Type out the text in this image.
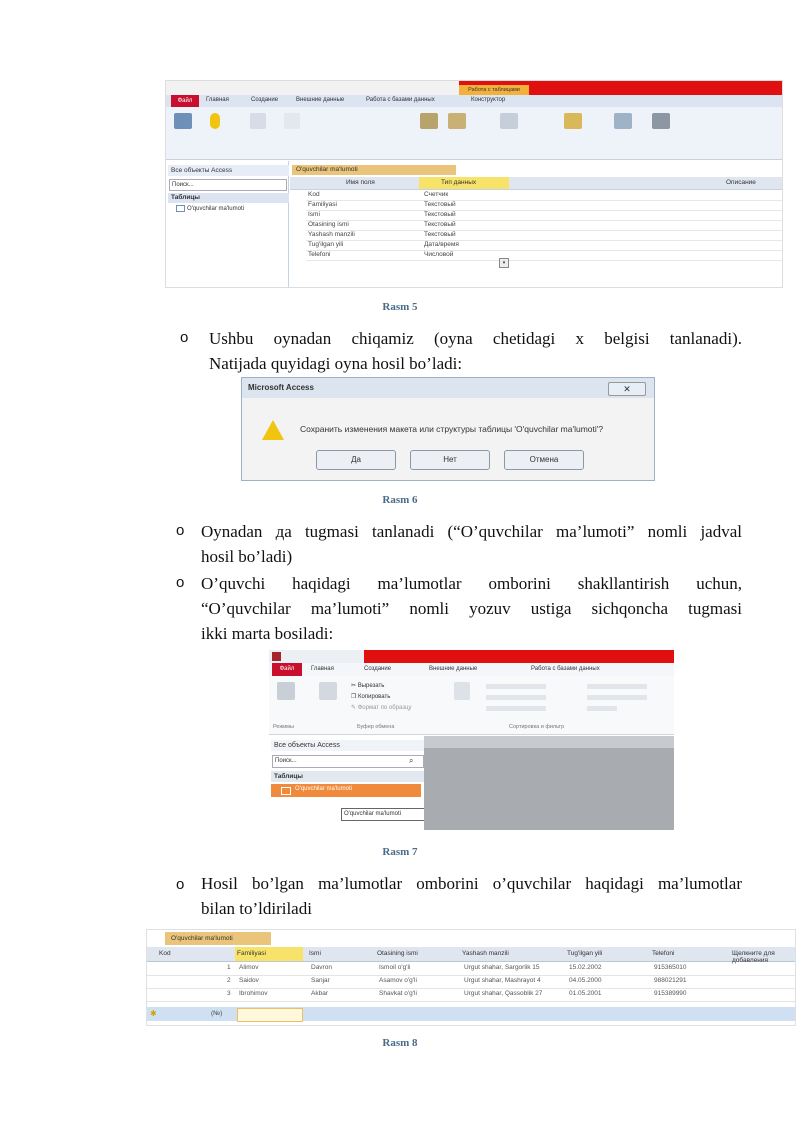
Работа с таблицами
Файл	Главная	Создание	Внешние данные	Работа с базами данных	Конструктор
Все объекты Access
Поиск...
Таблицы
O'quvchilar ma'lumoti
O'quvchilar ma'lumoti
Имя поля	Тип данных	Описание
Kod	Счетчик
Familiyasi	Текстовый
Ismi	Текстовый
Otasining ismi	Текстовый
Yashash manzili	Текстовый
Tug'ilgan yili	Дата/время
Telefoni	Числовой
▾
Rasm 5
o Ushbu oynadan chiqamiz (oyna chetidagi x belgisi tanlanadi).
Natijada quyidagi oyna hosil bo’ladi:
Microsoft Access	✕
Сохранить изменения макета или структуры таблицы 'O'quvchilar ma'lumoti'?
Да	Нет	Отмена
Rasm 6
o Oynadan да tugmasi tanlanadi (“O’quvchilar ma’lumoti” nomli jadval
hosil bo’ladi)
o O’quvchi haqidagi ma’lumotlar omborini shakllantirish uchun,
“O’quvchilar ma’lumoti” nomli yozuv ustiga sichqoncha tugmasi
ikki marta bosiladi:
Файл	Главная	Создание	Внешние данные	Работа с базами данных
✂ Вырезать
❐ Копировать
✎ Формат по образцу
Режимы	Буфер обмена	Сортировка и фильтр
Все объекты Access
Поиск...	⌕
Таблицы
O'quvchilar ma'lumoti
O'quvchilar ma'lumoti
Rasm 7
o Hosil bo’lgan ma’lumotlar omborini o’quvchilar haqidagi ma’lumotlar
bilan to’ldiriladi
O'quvchilar ma'lumoti
Kod	Familiyasi	Ismi	Otasining ismi	Yashash manzili	Tug'ilgan yili	Telefoni	Щелкните для добавления
1 Alimov	Davron	Ismoil o'g'li	Urgut shahar, Sargorlik 15	15.02.2002	915365010
2 Saidov	Sanjar	Asamov o'g'li	Urgut shahar, Mashrayot 4	04.05.2000	988021291
3 Ibrohimov	Akbar	Shavkat o'g'li	Urgut shahar, Qassoblik 27	01.05.2001	915389990
✱	(№)
Rasm 8
